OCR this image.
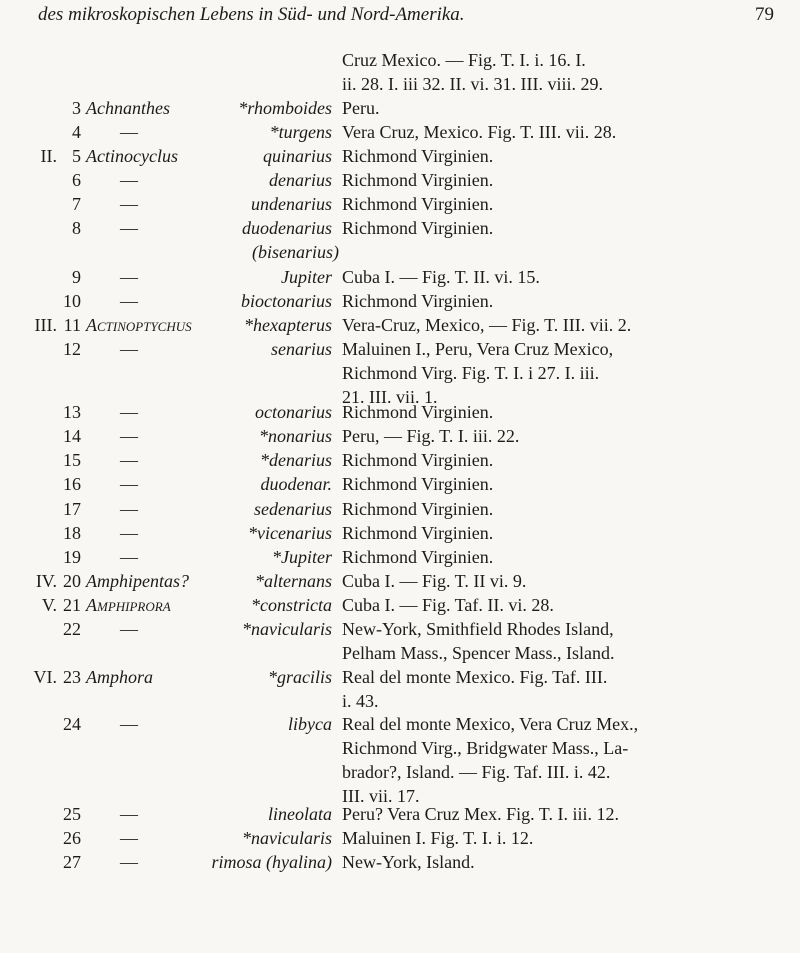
des mikroskopischen Lebens in Süd- und Nord-Amerika.	79
Cruz Mexico. — Fig. T. I. i. 16. I.
ii. 28. I. iii 32. II. vi. 31. III. viii. 29.
3 Achnanthes	*rhomboides Peru.
4 —	*turgens Vera Cruz, Mexico. Fig. T. III. vii. 28.
II. 5 Actinocyclus	quinarius Richmond Virginien.
6 —	denarius Richmond Virginien.
7 —	undenarius Richmond Virginien.
8 —	duodenarius Richmond Virginien.
(bisenarius)
9 —	Jupiter Cuba I. — Fig. T. II. vi. 15.
10 —	bioctonarius Richmond Virginien.
III. 11 Actinoptychus	*hexapterus Vera-Cruz, Mexico, — Fig. T. III. vii. 2.
12 —	senarius Maluinen I., Peru, Vera Cruz Mexico,
Richmond Virg. Fig. T. I. i 27. I. iii.
21. III. vii. 1.
13 —	octonarius Richmond Virginien.
14 —	*nonarius Peru, — Fig. T. I. iii. 22.
15 —	*denarius Richmond Virginien.
16 —	duodenar. Richmond Virginien.
17 —	sedenarius Richmond Virginien.
18 —	*vicenarius Richmond Virginien.
19 —	*Jupiter Richmond Virginien.
IV. 20 Amphipentas?	*alternans Cuba I. — Fig. T. II vi. 9.
V. 21 Amphiprora	*constricta Cuba I. — Fig. Taf. II. vi. 28.
22 —	*navicularis New-York, Smithfield Rhodes Island,
Pelham Mass., Spencer Mass., Island.
VI. 23 Amphora	*gracilis Real del monte Mexico. Fig. Taf. III.
i. 43.
24 —	libyca Real del monte Mexico, Vera Cruz Mex.,
Richmond Virg., Bridgwater Mass., La-
brador?, Island. — Fig. Taf. III. i. 42.
III. vii. 17.
25 —	lineolata Peru? Vera Cruz Mex. Fig. T. I. iii. 12.
26 —	*navicularis Maluinen I. Fig. T. I. i. 12.
27 —	rimosa (hyalina) New-York, Island.
